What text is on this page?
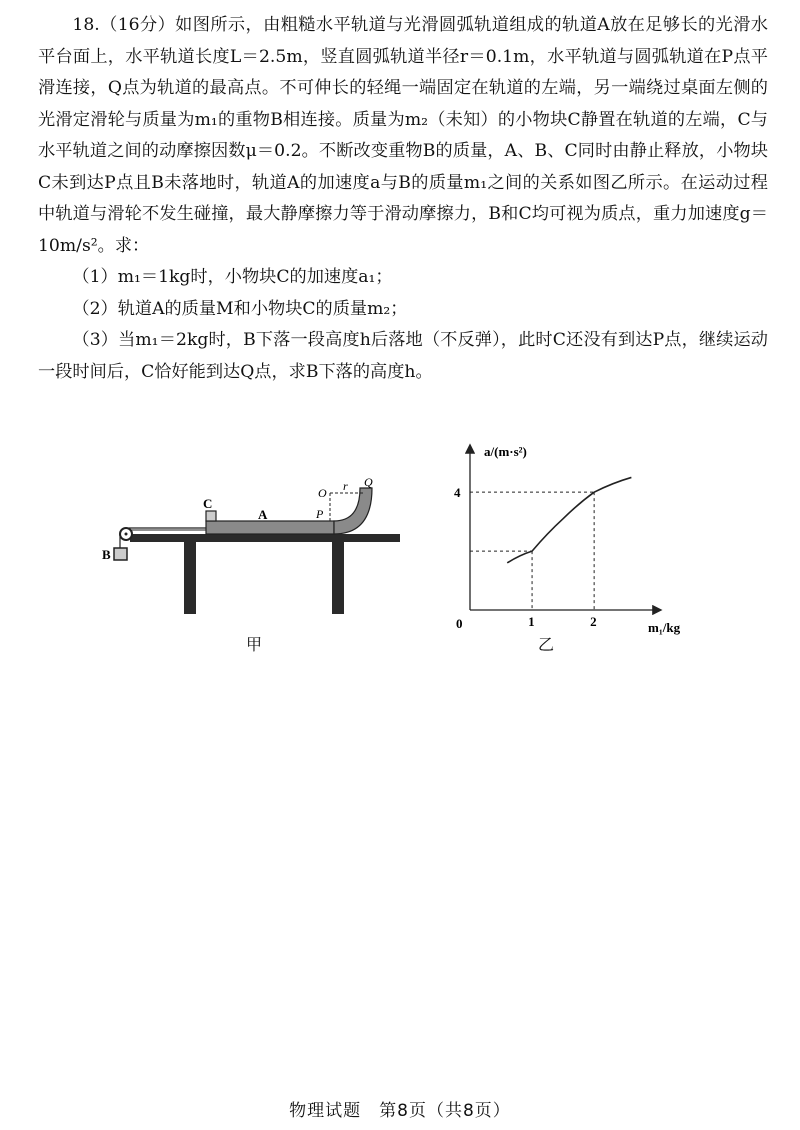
18.（16分）如图所示，由粗糙水平轨道与光滑圆弧轨道组成的轨道A放在足够长的光滑水平台面上，水平轨道长度L＝2.5m，竖直圆弧轨道半径r＝0.1m，水平轨道与圆弧轨道在P点平滑连接，Q点为轨道的最高点。不可伸长的轻绳一端固定在轨道的左端，另一端绕过桌面左侧的光滑定滑轮与质量为m₁的重物B相连接。质量为m₂（未知）的小物块C静置在轨道的左端，C与水平轨道之间的动摩擦因数μ＝0.2。不断改变重物B的质量，A、B、C同时由静止释放，小物块C未到达P点且B未落地时，轨道A的加速度a与B的质量m₁之间的关系如图乙所示。在运动过程中轨道与滑轮不发生碰撞，最大静摩擦力等于滑动摩擦力，B和C均可视为质点，重力加速度g＝10m/s²。求：

（1）m₁＝1kg时，小物块C的加速度a₁；

（2）轨道A的质量M和小物块C的质量m₂；

（3）当m₁＝2kg时，B下落一段高度h后落地（不反弹），此时C还没有到达P点，继续运动一段时间后，C恰好能到达Q点，求B下落的高度h。

B
C
A
O r Q
P
甲
a/(m·s²)
m₁/kg
0	1	2
4
乙
物理试题　第8页（共8页）
